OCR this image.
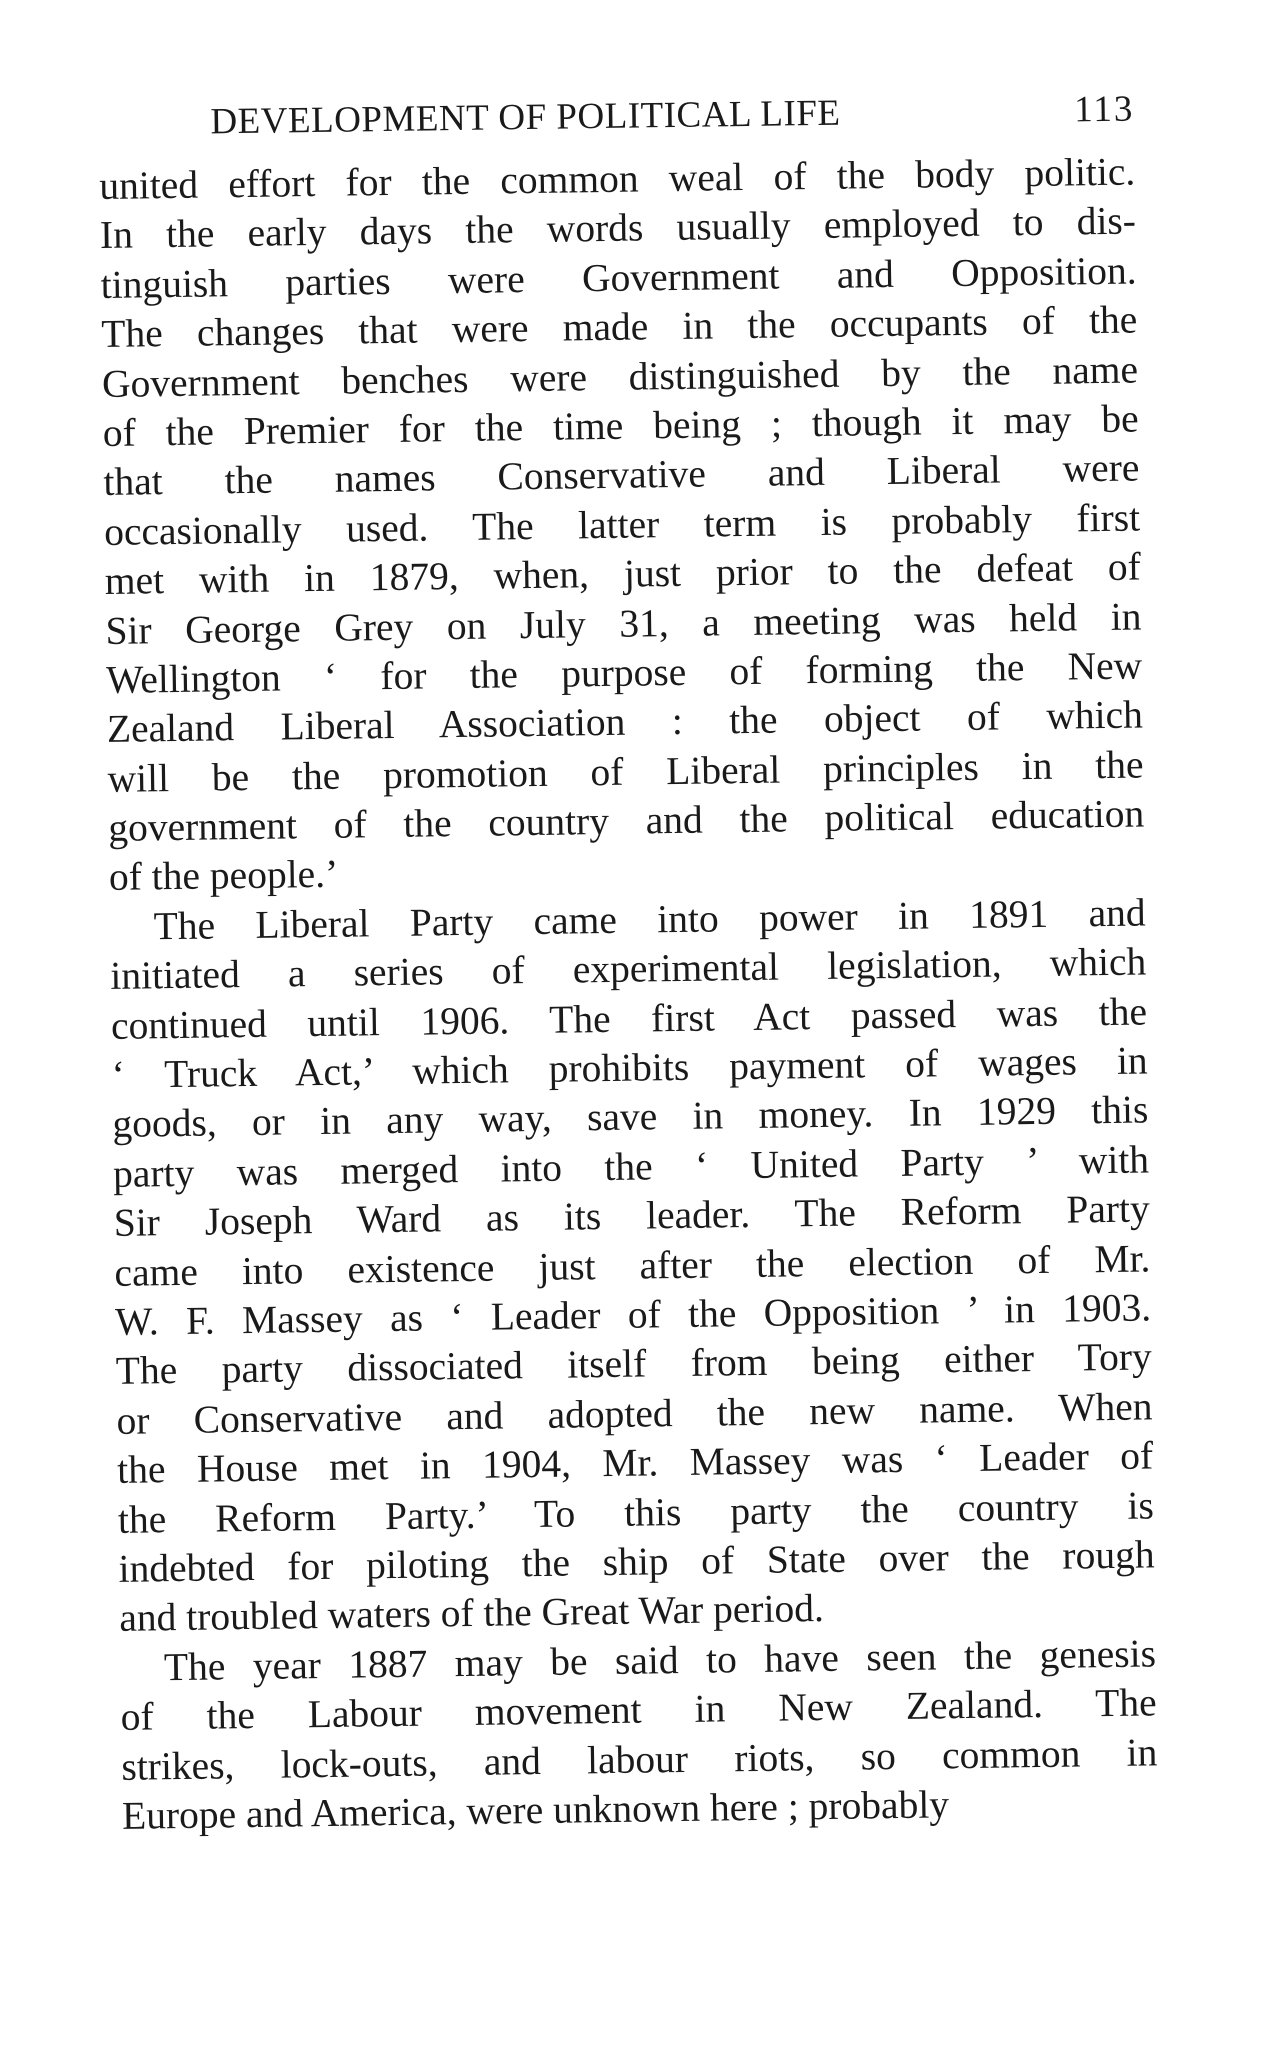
DEVELOPMENT OF POLITICAL LIFE	113
united effort for the common weal of the body politic.
In the early days the words usually employed to dis-
tinguish parties were Government and Opposition.
The changes that were made in the occupants of the
Government benches were distinguished by the name
of the Premier for the time being ; though it may be
that the names Conservative and Liberal were
occasionally used. The latter term is probably first
met with in 1879, when, just prior to the defeat of
Sir George Grey on July 31, a meeting was held in
Wellington ‘ for the purpose of forming the New
Zealand Liberal Association : the object of which
will be the promotion of Liberal principles in the
government of the country and the political education
of the people.’
The Liberal Party came into power in 1891 and
initiated a series of experimental legislation, which
continued until 1906. The first Act passed was the
‘ Truck Act,’ which prohibits payment of wages in
goods, or in any way, save in money. In 1929 this
party was merged into the ‘ United Party ’ with
Sir Joseph Ward as its leader. The Reform Party
came into existence just after the election of Mr.
W. F. Massey as ‘ Leader of the Opposition ’ in 1903.
The party dissociated itself from being either Tory
or Conservative and adopted the new name. When
the House met in 1904, Mr. Massey was ‘ Leader of
the Reform Party.’ To this party the country is
indebted for piloting the ship of State over the rough
and troubled waters of the Great War period.
The year 1887 may be said to have seen the genesis
of the Labour movement in New Zealand. The
strikes, lock-outs, and labour riots, so common in
Europe and America, were unknown here ; probably
